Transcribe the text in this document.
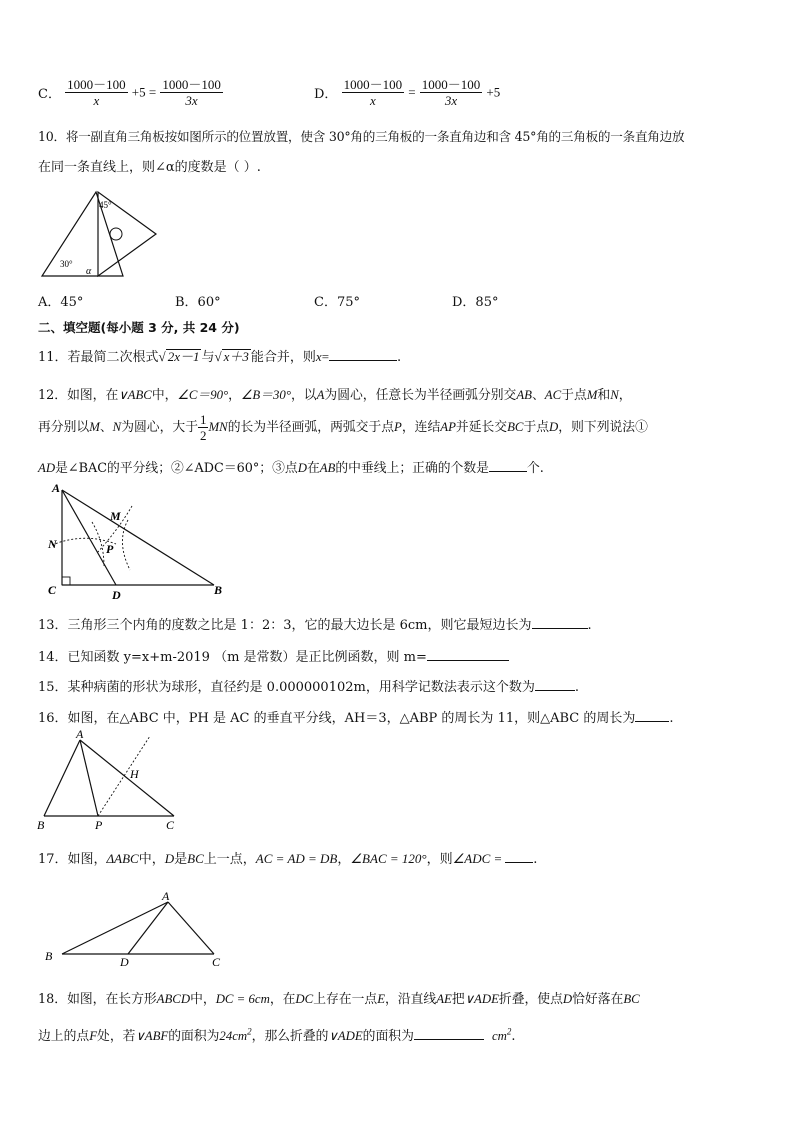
C． $\frac{1000-100}{x} +5 = \frac{1000-100}{3x}$	D． $\frac{1000-100}{x} = \frac{1000-100}{3x} +5$
10．将一副直角三角板按如图所示的位置放置，使含 30°角的三角板的一条直角边和含 45°角的三角板的一条直角边放
在同一条直线上，则∠α的度数是（ ）.
45°
30°
α
A．45°	B．60°	C．75°	D．85°
二、填空题(每小题 3 分, 共 24 分)
11．若最简二次根式√ 2x－1 与√ x＋3 能合并，则x=	.
12．如图，在∨ABC中，∠C＝90°，∠B＝30°，以A为圆心，任意长为半径画弧分别交AB、AC于点M和N，
再分别以M、N为圆心，大于 $\frac{1}{2}$ MN的长为半径画弧，两弧交于点P，连结AP并延长交BC于点D，则下列说法①
AD是∠BAC的平分线；②∠ADC＝60°；③点D在AB的中垂线上；正确的个数是	个.
A
M
N	P
C	D	B
13．三角形三个内角的度数之比是 1：2：3，它的最大边长是 6cm，则它最短边长为	.
14．已知函数 y=x+m-2019 （m 是常数）是正比例函数，则 m=
15．某种病菌的形状为球形，直径约是 0.000000102m，用科学记数法表示这个数为	.
16．如图，在△ABC 中，PH 是 AC 的垂直平分线，AH＝3，△ABP 的周长为 11，则△ABC 的周长为	.
A
H
B	P	C
17．如图，ΔABC中，D是BC上一点，AC = AD = DB，∠BAC = 120°，则∠ADC = .
A
B	D	C
18．如图，在长方形ABCD中，DC = 6cm，在DC上存在一点E，沿直线AE把∨ADE折叠，使点D恰好落在BC
边上的点F处，若∨ABF的面积为$24cm^2$，那么折叠的∨ADE的面积为	$cm^2$.
